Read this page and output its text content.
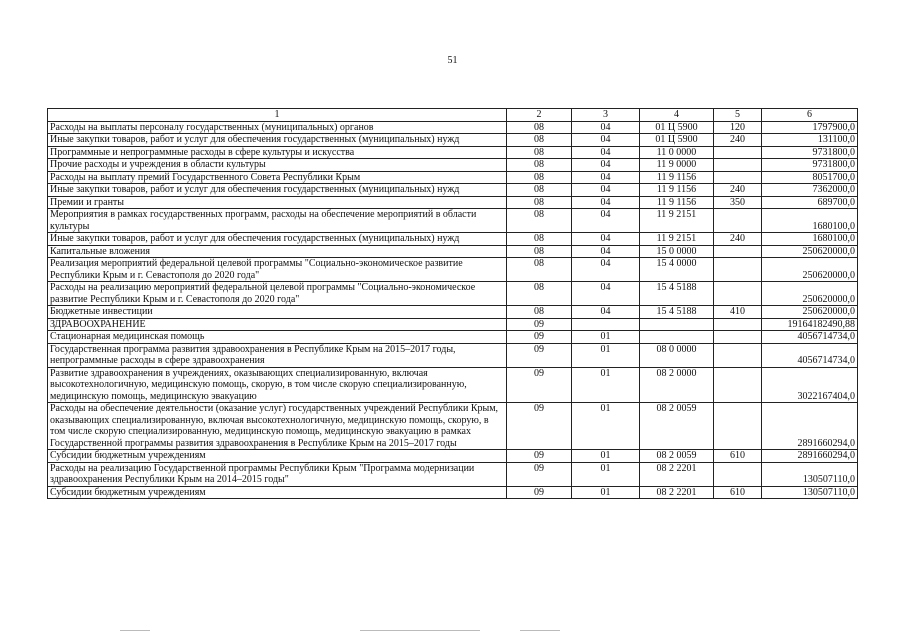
51
1	2	3	4	5	6
Расходы на выплаты персоналу государственных (муниципальных) органов	08	04	01 Ц 5900	120	1797900,0
Иные закупки товаров, работ и услуг для обеспечения государственных (муниципальных) нужд	08	04	01 Ц 5900	240	131100,0
Программные и непрограммные расходы в сфере культуры и искусства	08	04	11 0 0000		9731800,0
Прочие расходы и учреждения в области культуры	08	04	11 9 0000		9731800,0
Расходы на выплату премий Государственного Совета Республики Крым	08	04	11 9 1156		8051700,0
Иные закупки товаров, работ и услуг для обеспечения государственных (муниципальных) нужд	08	04	11 9 1156	240	7362000,0
Премии и гранты	08	04	11 9 1156	350	689700,0
Мероприятия в рамках государственных программ, расходы на обеспечение мероприятий в области культуры	08	04	11 9 2151		1680100,0
Иные закупки товаров, работ и услуг для обеспечения государственных (муниципальных) нужд	08	04	11 9 2151	240	1680100,0
Капитальные вложения	08	04	15 0 0000		250620000,0
Реализация мероприятий федеральной целевой программы "Социально-экономическое развитие Республики Крым и г. Севастополя до 2020 года"	08	04	15 4 0000		250620000,0
Расходы на реализацию мероприятий федеральной целевой программы "Социально-экономическое развитие Республики Крым и г. Севастополя до 2020 года"	08	04	15 4 5188		250620000,0
Бюджетные инвестиции	08	04	15 4 5188	410	250620000,0
ЗДРАВООХРАНЕНИЕ	09				19164182490,88
Стационарная медицинская помощь	09	01			4056714734,0
Государственная программа развития здравоохранения в Республике Крым на 2015–2017 годы, непрограммные расходы в сфере здравоохранения	09	01	08 0 0000		4056714734,0
Развитие здравоохранения в учреждениях, оказывающих специализированную, включая высокотехнологичную, медицинскую помощь, скорую, в том числе скорую специализированную, медицинскую помощь, медицинскую эвакуацию	09	01	08 2 0000		3022167404,0
Расходы на обеспечение деятельности (оказание услуг) государственных учреждений Республики Крым, оказывающих специализированную, включая высокотехнологичную, медицинскую помощь, скорую, в том числе скорую специализированную, медицинскую помощь, медицинскую эвакуацию в рамках Государственной программы развития здравоохранения в Республике Крым на 2015–2017 годы	09	01	08 2 0059		2891660294,0
Субсидии бюджетным учреждениям	09	01	08 2 0059	610	2891660294,0
Расходы на реализацию Государственной программы Республики Крым "Программа модернизации здравоохранения Республики Крым на 2014–2015 годы"	09	01	08 2 2201		130507110,0
Субсидии бюджетным учреждениям	09	01	08 2 2201	610	130507110,0
